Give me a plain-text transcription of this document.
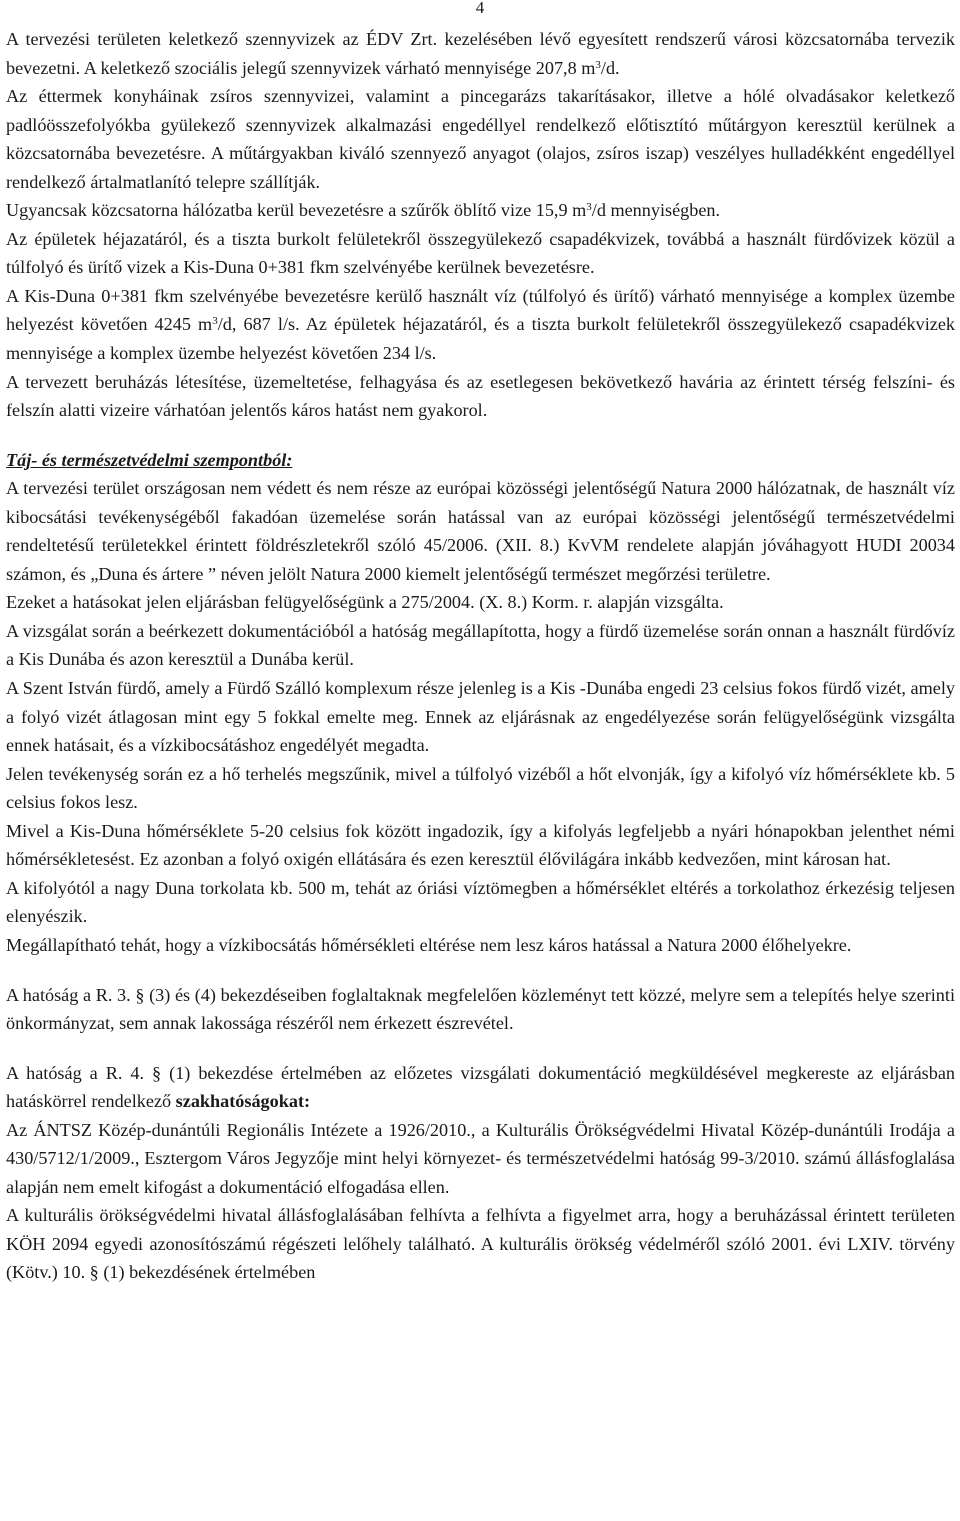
4

A tervezési területen keletkező szennyvizek az ÉDV Zrt. kezelésében lévő egyesített rendszerű városi közcsatornába tervezik bevezetni. A keletkező szociális jelegű szennyvizek várható mennyisége 207,8 $m^3/d$.

Az éttermek konyháinak zsíros szennyvizei, valamint a pincegarázs takarításakor, illetve a hólé olvadásakor keletkező padlóösszefolyókba gyülekező szennyvizek alkalmazási engedéllyel rendelkező előtisztító műtárgyon keresztül kerülnek a közcsatornába bevezetésre. A műtárgyakban kiváló szennyező anyagot (olajos, zsíros iszap) veszélyes hulladékként engedéllyel rendelkező ártalmatlanító telepre szállítják.

Ugyancsak közcsatorna hálózatba kerül bevezetésre a szűrők öblítő vize 15,9 $m^3/d$ mennyiségben.

Az épületek héjazatáról, és a tiszta burkolt felületekről összegyülekező csapadékvizek, továbbá a használt fürdővizek közül a túlfolyó és ürítő vizek a Kis-Duna 0+381 fkm szelvényébe kerülnek bevezetésre.

A Kis-Duna 0+381 fkm szelvényébe bevezetésre kerülő használt víz (túlfolyó és ürítő) várható mennyisége a komplex üzembe helyezést követően 4245 $m^3/d$, 687 l/s. Az épületek héjazatáról, és a tiszta burkolt felületekről összegyülekező csapadékvizek mennyisége a komplex üzembe helyezést követően 234 l/s.

A tervezett beruházás létesítése, üzemeltetése, felhagyása és az esetlegesen bekövetkező havária az érintett térség felszíni- és felszín alatti vizeire várhatóan jelentős káros hatást nem gyakorol.

Táj- és természetvédelmi szempontból:

A tervezési terület országosan nem védett és nem része az európai közösségi jelentőségű Natura 2000 hálózatnak, de használt víz kibocsátási tevékenységéből fakadóan üzemelése során hatással van az európai közösségi jelentőségű természetvédelmi rendeltetésű területekkel érintett földrészletekről szóló 45/2006. (XII. 8.) KvVM rendelete alapján jóváhagyott HUDI 20034 számon, és „Duna és ártere ” néven jelölt Natura 2000 kiemelt jelentőségű természet megőrzési területre.

Ezeket a hatásokat jelen eljárásban felügyelőségünk a 275/2004. (X. 8.) Korm. r. alapján vizsgálta.

A vizsgálat során a beérkezett dokumentációból a hatóság megállapította, hogy a fürdő üzemelése során onnan a használt fürdővíz a Kis Dunába és azon keresztül a Dunába kerül.

A Szent István fürdő, amely a Fürdő Szálló komplexum része jelenleg is a Kis -Dunába engedi 23 celsius fokos fürdő vizét, amely a folyó vizét átlagosan mint egy 5 fokkal emelte meg. Ennek az eljárásnak az engedélyezése során felügyelőségünk vizsgálta ennek hatásait, és a vízkibocsátáshoz engedélyét megadta.

Jelen tevékenység során ez a hő terhelés megszűnik, mivel a túlfolyó vizéből a hőt elvonják, így a kifolyó víz hőmérséklete kb. 5 celsius fokos lesz.

Mivel a Kis-Duna hőmérséklete 5-20 celsius fok között ingadozik, így a kifolyás legfeljebb a nyári hónapokban jelenthet némi hőmérsékletesést. Ez azonban a folyó oxigén ellátására és ezen keresztül élővilágára inkább kedvezően, mint károsan hat.

A kifolyótól a nagy Duna torkolata kb. 500 m, tehát az óriási víztömegben a hőmérséklet eltérés a torkolathoz érkezésig teljesen elenyészik.

Megállapítható tehát, hogy a vízkibocsátás hőmérsékleti eltérése nem lesz káros hatással a Natura 2000 élőhelyekre.

A hatóság a R. 3. § (3) és (4) bekezdéseiben foglaltaknak megfelelően közleményt tett közzé, melyre sem a telepítés helye szerinti önkormányzat, sem annak lakossága részéről nem érkezett észrevétel.

A hatóság a R. 4. § (1) bekezdése értelmében az előzetes vizsgálati dokumentáció megküldésével megkereste az eljárásban hatáskörrel rendelkező szakhatóságokat:

Az ÁNTSZ Közép-dunántúli Regionális Intézete a 1926/2010., a Kulturális Örökségvédelmi Hivatal Közép-dunántúli Irodája a 430/5712/1/2009., Esztergom Város Jegyzője mint helyi környezet- és természetvédelmi hatóság 99-3/2010. számú állásfoglalása alapján nem emelt kifogást a dokumentáció elfogadása ellen.

A kulturális örökségvédelmi hivatal állásfoglalásában felhívta a felhívta a figyelmet arra, hogy a beruházással érintett területen KÖH 2094 egyedi azonosítószámú régészeti lelőhely található. A kulturális örökség védelméről szóló 2001. évi LXIV. törvény (Kötv.) 10. § (1) bekezdésének értelmében
